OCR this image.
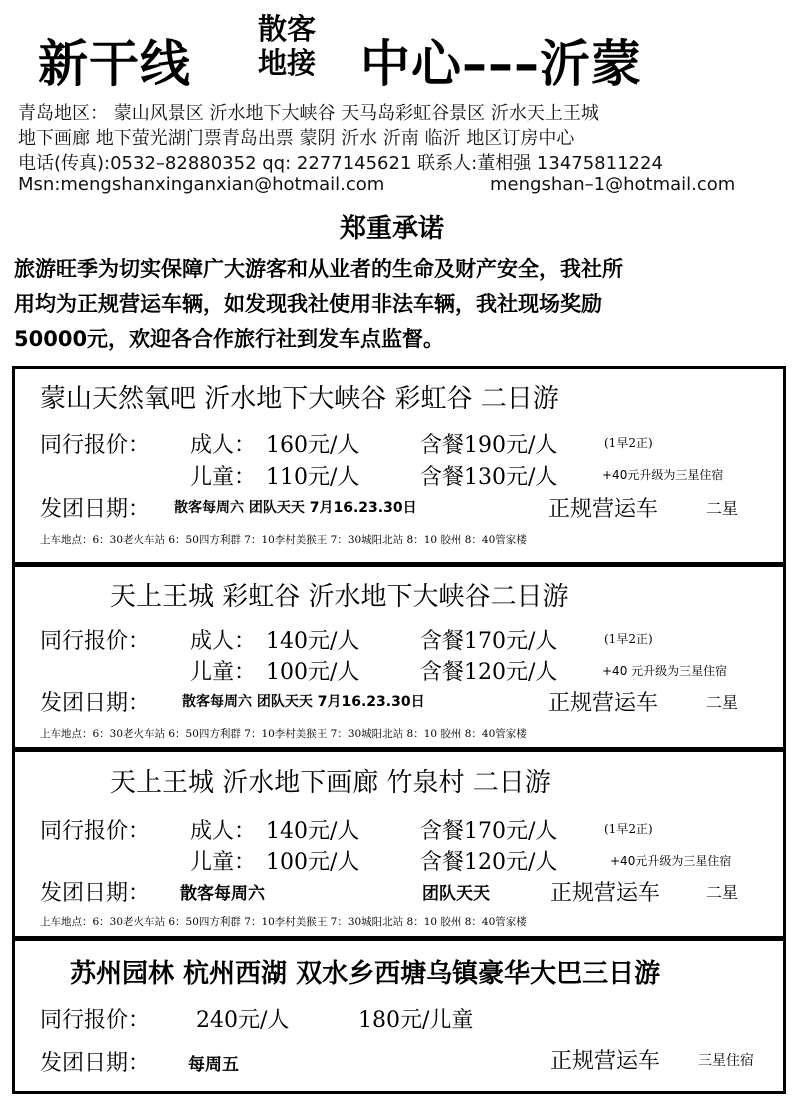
新干线
散客
地接 中心–––沂蒙
青岛地区： 蒙山风景区 沂水地下大峡谷 天马岛彩虹谷景区 沂水天上王城
地下画廊 地下萤光湖门票青岛出票 蒙阴 沂水 沂南 临沂 地区订房中心
电话(传真):0532–82880352 qq: 2277145621 联系人:董相强 13475811224
Msn:mengshanxinganxian@hotmail.com	mengshan–1@hotmail.com
郑重承诺
旅游旺季为切实保障广大游客和从业者的生命及财产安全，我社所
用均为正规营运车辆，如发现我社使用非法车辆，我社现场奖励
50000元，欢迎各合作旅行社到发车点监督。
蒙山天然氧吧 沂水地下大峡谷 彩虹谷 二日游
同行报价： 成人： 160元/人	含餐190元/人	(1早2正)
儿童： 110元/人	含餐130元/人	+40元升级为三星住宿
发团日期： 散客每周六 团队天天 7月16.23.30日	正规营运车	二星
上车地点：6：30老火车站 6：50四方利群 7：10李村美猴王 7：30城阳北站 8：10 胶州 8：40管家楼
天上王城 彩虹谷 沂水地下大峡谷二日游
同行报价： 成人： 140元/人	含餐170元/人	(1早2正)
儿童： 100元/人	含餐120元/人	+40 元升级为三星住宿
发团日期： 散客每周六 团队天天 7月16.23.30日	正规营运车	二星
上车地点：6：30老火车站 6：50四方利群 7：10李村美猴王 7：30城阳北站 8：10 胶州 8：40管家楼
天上王城 沂水地下画廊 竹泉村 二日游
同行报价： 成人： 140元/人	含餐170元/人	(1早2正)
儿童： 100元/人	含餐120元/人	+40元升级为三星住宿
发团日期： 散客每周六	团队天天	正规营运车	二星
上车地点：6：30老火车站 6：50四方利群 7：10李村美猴王 7：30城阳北站 8：10 胶州 8：40管家楼
苏州园林 杭州西湖 双水乡西塘乌镇豪华大巴三日游
同行报价： 240元/人	180元/儿童
发团日期： 每周五	正规营运车	三星住宿
